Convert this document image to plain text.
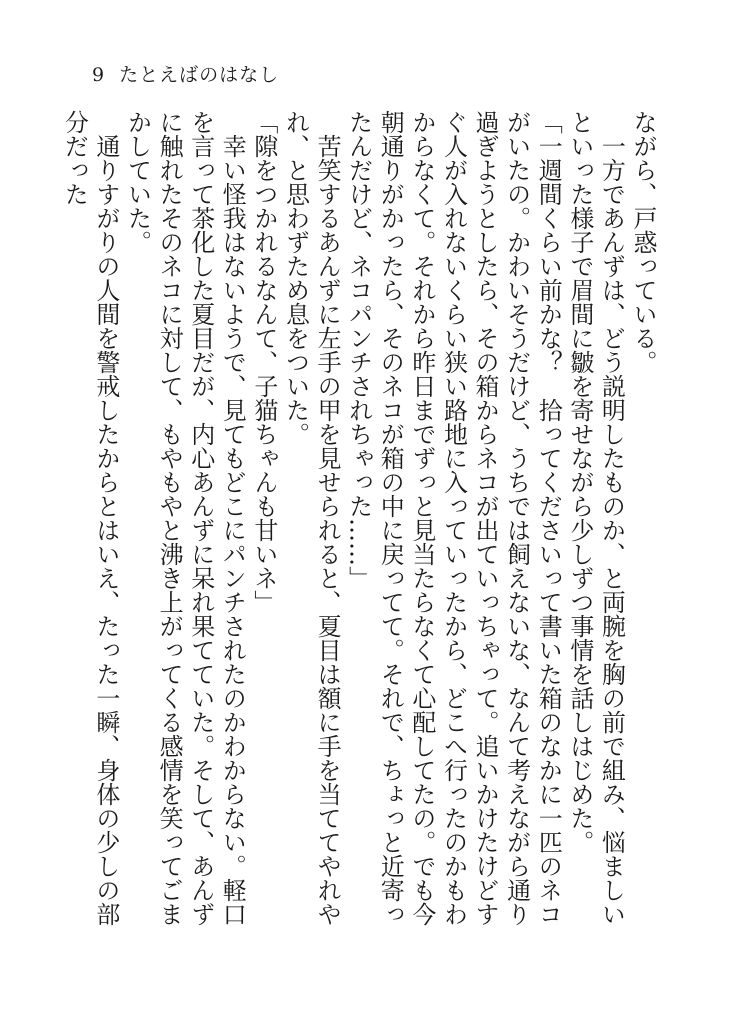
9 たとえばのはなし

ながら、戸惑っている。

一方であんずは、どう説明したものか、と両腕を胸の前で組み、悩ましいといった様子で眉間に皺を寄せながら少しずつ事情を話しはじめた。

「一週間くらい前かな？　拾ってくださいって書いた箱のなかに一匹のネコがいたの。かわいそうだけど、うちでは飼えないな、なんて考えながら通り過ぎようとしたら、その箱からネコが出ていっちゃって。追いかけたけどすぐ人が入れないくらい狭い路地に入っていったから、どこへ行ったのかもわからなくて。それから昨日までずっと見当たらなくて心配してたの。でも今朝通りがかったら、そのネコが箱の中に戻ってて。それで、ちょっと近寄ったんだけど、ネコパンチされちゃった……」

苦笑するあんずに左手の甲を見せられると、夏目は額に手を当ててやれやれ、と思わずため息をついた。

「隙をつかれるなんて、子猫ちゃんも甘いネ」

幸い怪我はないようで、見てもどこにパンチされたのかわからない。軽口を言って茶化した夏目だが、内心あんずに呆れ果てていた。そして、あんずに触れたそのネコに対して、もやもやと沸き上がってくる感情を笑ってごまかしていた。

通りすがりの人間を警戒したからとはいえ、たった一瞬、身体の少しの部分だった
